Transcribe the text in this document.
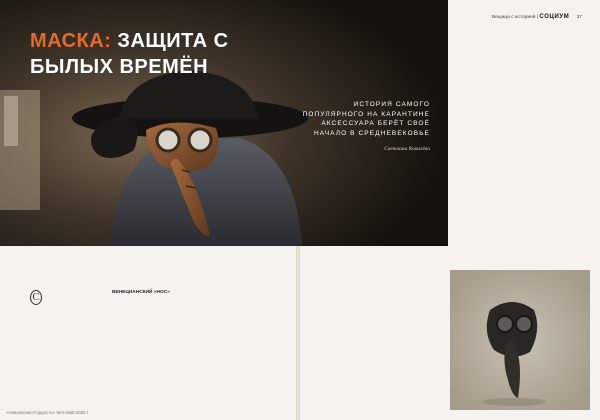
«Новокосино-Гордости» № 5 Май 2020 г.
Вещица с историей | СОЦИУМ 37
МАСКА: ЗАЩИТА С БЫЛЫХ ВРЕМЁН
ИСТОРИЯ САМОГО ПОПУЛЯРНОГО НА КАРАНТИНЕ АКСЕССУАРА БЕРЁТ СВОЁ НАЧАЛО В СРЕДНЕВЕКОВЬЕ
Светлана Ковалёва
С	ВЕНЕЦИАНСКИЙ «НОС»
